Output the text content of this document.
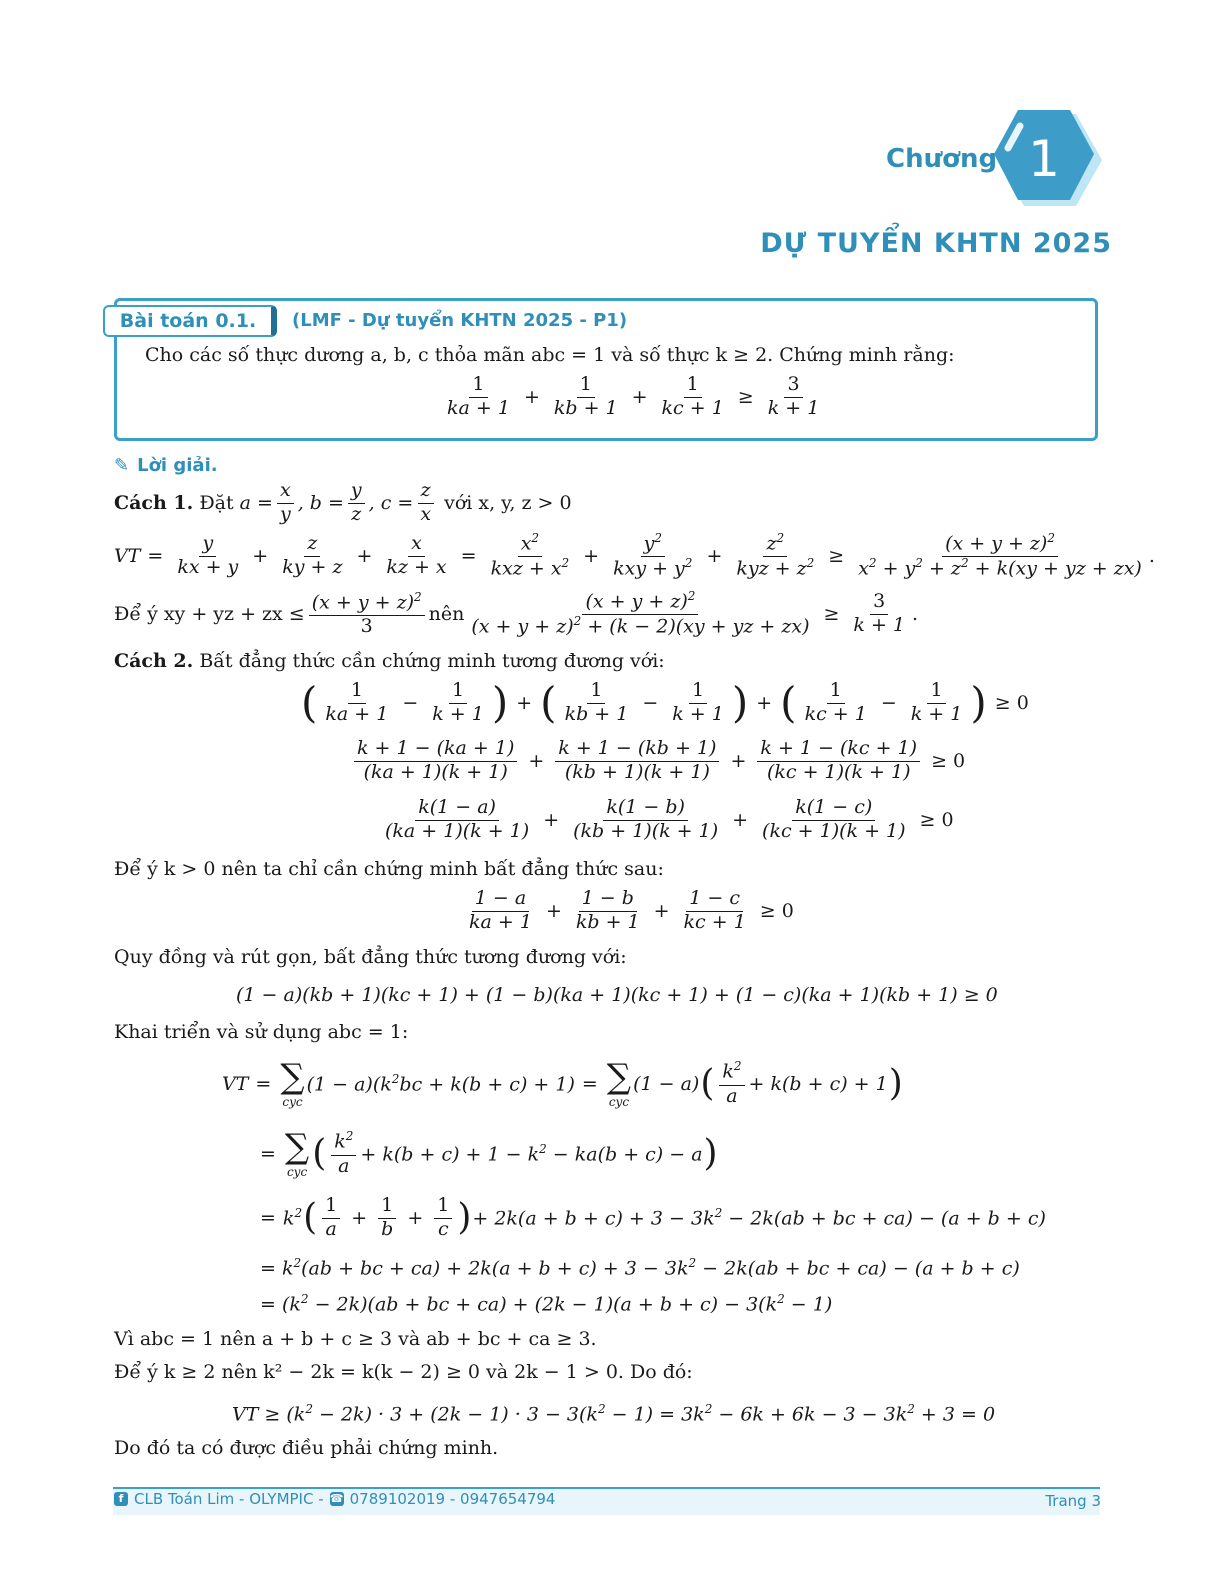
Chương 1
DỰ TUYỂN KHTN 2025
Bài toán 0.1.	(LMF - Dự tuyển KHTN 2025 - P1)
Cho các số thực dương a, b, c thỏa mãn abc = 1 và số thực k ≥ 2. Chứng minh rằng:
$\frac{1}{ka + 1} + \frac{1}{kb + 1} + \frac{1}{kc + 1} \ge \frac{3}{k + 1}$
✎ Lời giải.
Cách 1.
Đặt
$a = \frac{x}{y}$ , $b = \frac{y}{z}$ , $c = \frac{z}{x}$
với x, y, z > 0
VT = $\frac{y}{kx + y} + \frac{z}{ky + z} + \frac{x}{kz + x} = \frac{x^2}{kxz + x^2} + \frac{y^2}{kxy + y^2} + \frac{z^2}{kyz + z^2} \ge \frac{(x + y + z)^2}{x^2 + y^2 + z^2 + k(xy + yz + zx)}$ .
Để ý xy + yz + zx ≤ $\frac{(x + y + z)^2}{3}$ nên $\frac{(x + y + z)^2}{(x + y + z)^2 + (k - 2)(xy + yz + zx)} \ge \frac{3}{k + 1}$ .
Cách 2. Bất đẳng thức cần chứng minh tương đương với:
( $\frac{1}{ka + 1} - \frac{1}{k + 1}$ ) + ( $\frac{1}{kb + 1} - \frac{1}{k + 1}$ ) + ( $\frac{1}{kc + 1} - \frac{1}{k + 1}$ ) ≥ 0
$\frac{k + 1 - (ka + 1)}{(ka + 1)(k + 1)} + \frac{k + 1 - (kb + 1)}{(kb + 1)(k + 1)} + \frac{k + 1 - (kc + 1)}{(kc + 1)(k + 1)} \ge 0$
$\frac{k(1 - a)}{(ka + 1)(k + 1)} + \frac{k(1 - b)}{(kb + 1)(k + 1)} + \frac{k(1 - c)}{(kc + 1)(k + 1)} \ge 0$
Để ý k > 0 nên ta chỉ cần chứng minh bất đẳng thức sau:
$\frac{1 - a}{ka + 1} + \frac{1 - b}{kb + 1} + \frac{1 - c}{kc + 1} \ge 0$
Quy đồng và rút gọn, bất đẳng thức tương đương với:
(1 − a)(kb + 1)(kc + 1) + (1 − b)(ka + 1)(kc + 1) + (1 − c)(ka + 1)(kb + 1) ≥ 0
Khai triển và sử dụng abc = 1:
VT = ∑
cyc
$(1 - a)(k^2bc + k(b + c) + 1)$ = ∑
cyc
(1 − a) ( $\frac{k^2}{a} + k(b + c) + 1$ )
= ∑
cyc ( $\frac{k^2}{a} + k(b + c) + 1 - k^2 - ka(b + c) - a$ )
= $k^2$ ( $\frac{1}{a} + \frac{1}{b} + \frac{1}{c}$ ) + $2k(a + b + c) + 3 - 3k^2 - 2k(ab$ + bc + ca) − (a + b + c)
= $k^2(ab$ + bc + $ca) + 2k(a + b + c) + 3 - 3k^2 - 2k(ab$ + bc + ca) − (a + b + c)
= $(k^2 - 2k)(ab$ + bc + $ca) + (2k - 1)(a + b + c) - 3(k^2 - 1)$
Vì abc = 1 nên a + b + c ≥ 3 và ab + bc + ca ≥ 3.
Để ý k ≥ 2 nên k² − 2k = k(k − 2) ≥ 0 và 2k − 1 > 0. Do đó:
VT ≥ $(k^2 - 2k) \cdot 3 + (2k - 1) \cdot 3 - 3(k^2 - 1) = 3k^2 - 6k + 6k - 3 - 3k^2 + 3 = 0$
Do đó ta có được điều phải chứng minh.
f CLB Toán Lim - OLYMPIC - ☎ 0789102019 - 0947654794	Trang 3
